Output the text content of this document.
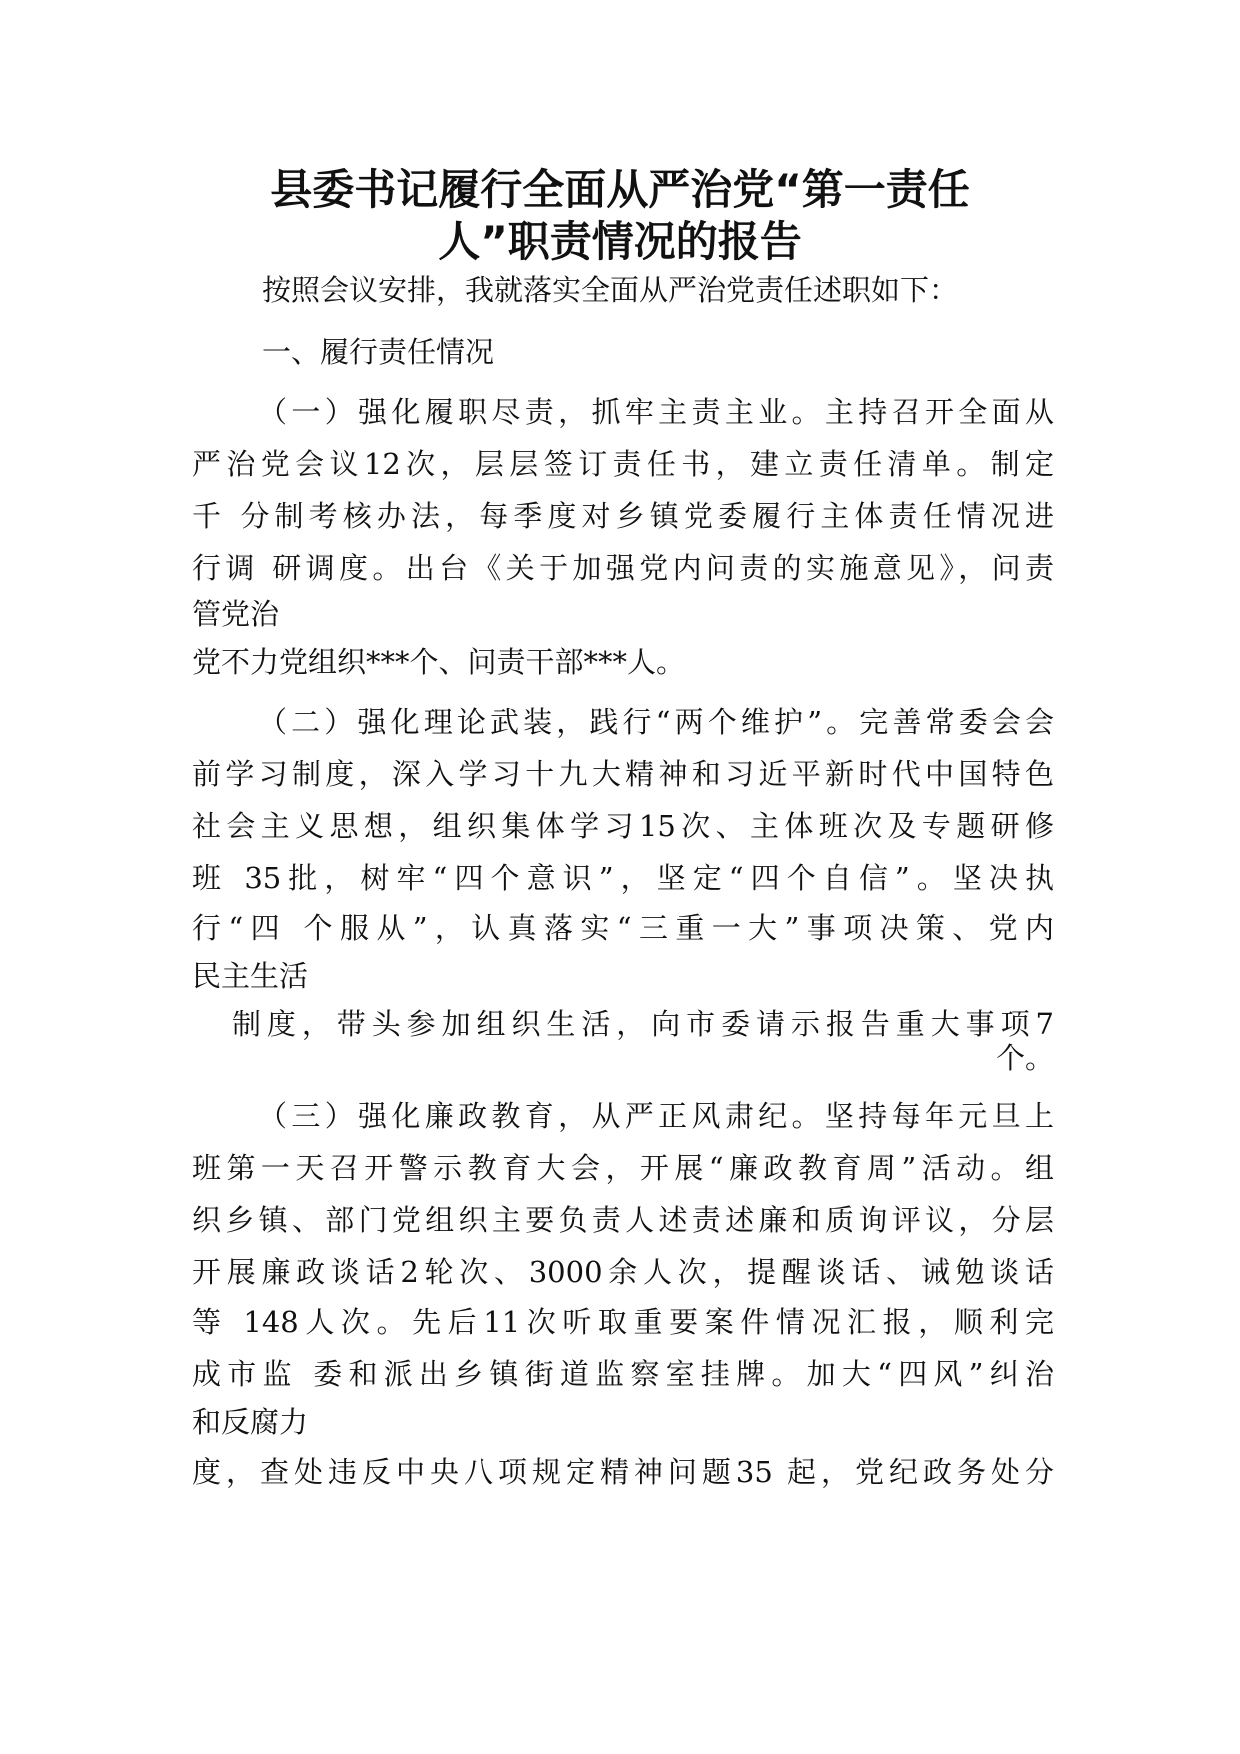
县委书记履行全面从严治党“第一责任
人”职责情况的报告
按照会议安排，我就落实全面从严治党责任述职如下：
一、履行责任情况
（一）强化履职尽责，抓牢主责主业。主持召开全面从
严治党会议12次，层层签订责任书，建立责任清单。制定
千 分制考核办法，每季度对乡镇党委履行主体责任情况进
行调 研调度。出台《关于加强党内问责的实施意见》，问责
管党治
党不力党组织***个、问责干部***人。
（二）强化理论武装，践行“两个维护”。完善常委会会
前学习制度，深入学习十九大精神和习近平新时代中国特色
社会主义思想，组织集体学习15次、主体班次及专题研修
班 35批，树牢“四个意识”，坚定“四个自信”。坚决执
行“四 个服从”，认真落实“三重一大”事项决策、党内
民主生活
制度，带头参加组织生活，向市委请示报告重大事项7
个。
（三）强化廉政教育，从严正风肃纪。坚持每年元旦上
班第一天召开警示教育大会，开展“廉政教育周”活动。组
织乡镇、部门党组织主要负责人述责述廉和质询评议，分层
开展廉政谈话2轮次、3000余人次，提醒谈话、诫勉谈话
等 148人次。先后11次听取重要案件情况汇报，顺利完
成市监 委和派出乡镇街道监察室挂牌。加大“四风”纠治
和反腐力
度，查处违反中央八项规定精神问题35 起，党纪政务处分
